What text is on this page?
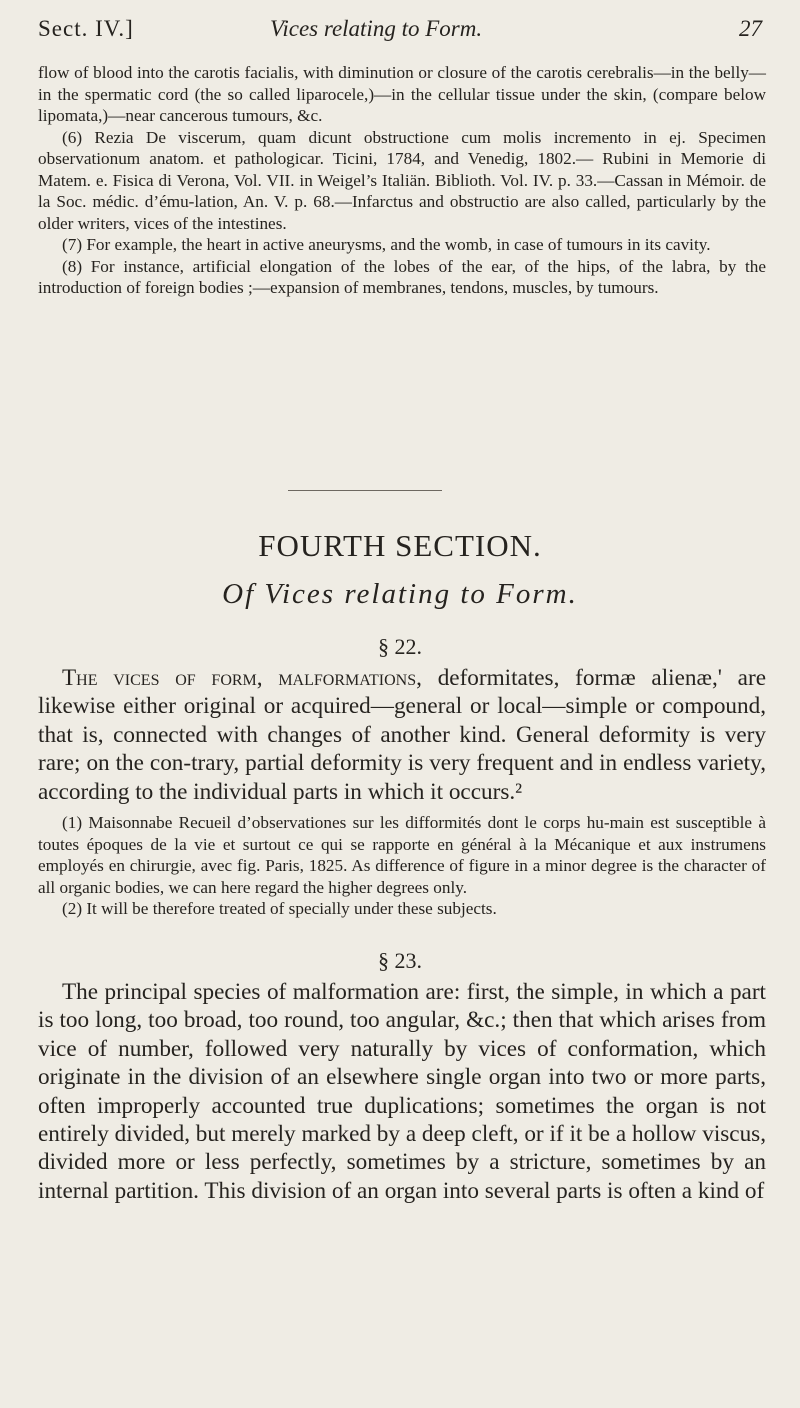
Sect. IV.]	Vices relating to Form.	27

flow of blood into the carotis facialis, with diminution or closure of the carotis cerebralis—in the belly—in the spermatic cord (the so called liparocele,)—in the cellular tissue under the skin, (compare below lipomata,)—near cancerous tumours, &c.

(6) Rezia De viscerum, quam dicunt obstructione cum molis incremento in ej. Specimen observationum anatom. et pathologicar. Ticini, 1784, and Venedig, 1802.— Rubini in Memorie di Matem. e. Fisica di Verona, Vol. VII. in Weigel’s Italiän. Biblioth. Vol. IV. p. 33.—Cassan in Mémoir. de la Soc. médic. d’ému-lation, An. V. p. 68.—Infarctus and obstructio are also called, particularly by the older writers, vices of the intestines.

(7) For example, the heart in active aneurysms, and the womb, in case of tumours in its cavity.

(8) For instance, artificial elongation of the lobes of the ear, of the hips, of the labra, by the introduction of foreign bodies ;—expansion of membranes, tendons, muscles, by tumours.

FOURTH SECTION.
Of Vices relating to Form.
§ 22.

The vices of form, malformations, deformitates, formæ alienæ,' are likewise either original or acquired—general or local—simple or compound, that is, connected with changes of another kind. General deformity is very rare; on the con-trary, partial deformity is very frequent and in endless variety, according to the individual parts in which it occurs.²

(1) Maisonnabe Recueil d’observationes sur les difformités dont le corps hu-main est susceptible à toutes époques de la vie et surtout ce qui se rapporte en général à la Mécanique et aux instrumens employés en chirurgie, avec fig. Paris, 1825. As difference of figure in a minor degree is the character of all organic bodies, we can here regard the higher degrees only.

(2) It will be therefore treated of specially under these subjects.

§ 23.

The principal species of malformation are: first, the simple, in which a part is too long, too broad, too round, too angular, &c.; then that which arises from vice of number, followed very naturally by vices of conformation, which originate in the division of an elsewhere single organ into two or more parts, often improperly accounted true duplications; sometimes the organ is not entirely divided, but merely marked by a deep cleft, or if it be a hollow viscus, divided more or less perfectly, sometimes by a stricture, sometimes by an internal partition. This division of an organ into several parts is often a kind of
